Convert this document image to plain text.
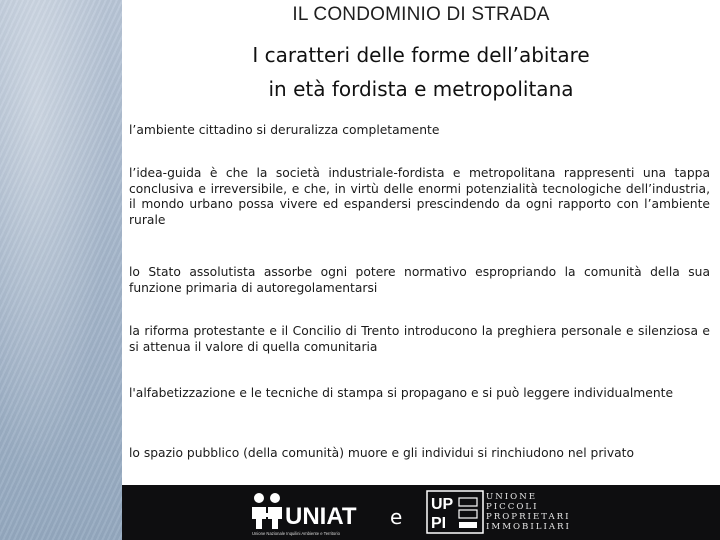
IL CONDOMINIO DI STRADA
I caratteri delle forme dell’abitare
in età fordista e metropolitana

l’ambiente cittadino si deruralizza completamente

l’idea-guida è che la società industriale-fordista e metropolitana rappresenti una tappa conclusiva e irreversibile, e che, in virtù delle enormi potenzialità tecnologiche dell’industria, il mondo urbano possa vivere ed espandersi prescindendo da ogni rapporto con l’ambiente rurale

lo Stato assolutista assorbe ogni potere normativo espropriando la comunità della sua funzione primaria di autoregolamentarsi

la riforma protestante e il Concilio di Trento introducono la preghiera personale e silenziosa e si attenua il valore di quella comunitaria

l'alfabetizzazione e le tecniche di stampa si propagano e si può leggere individualmente

lo spazio pubblico (della comunità) muore e gli individui si rinchiudono nel privato

UNIAT
Unione Nazionale Inquilini Ambiente e Territorio
e
UP
PI
UNIONE
PICCOLI
PROPRIETARI
IMMOBILIARI
